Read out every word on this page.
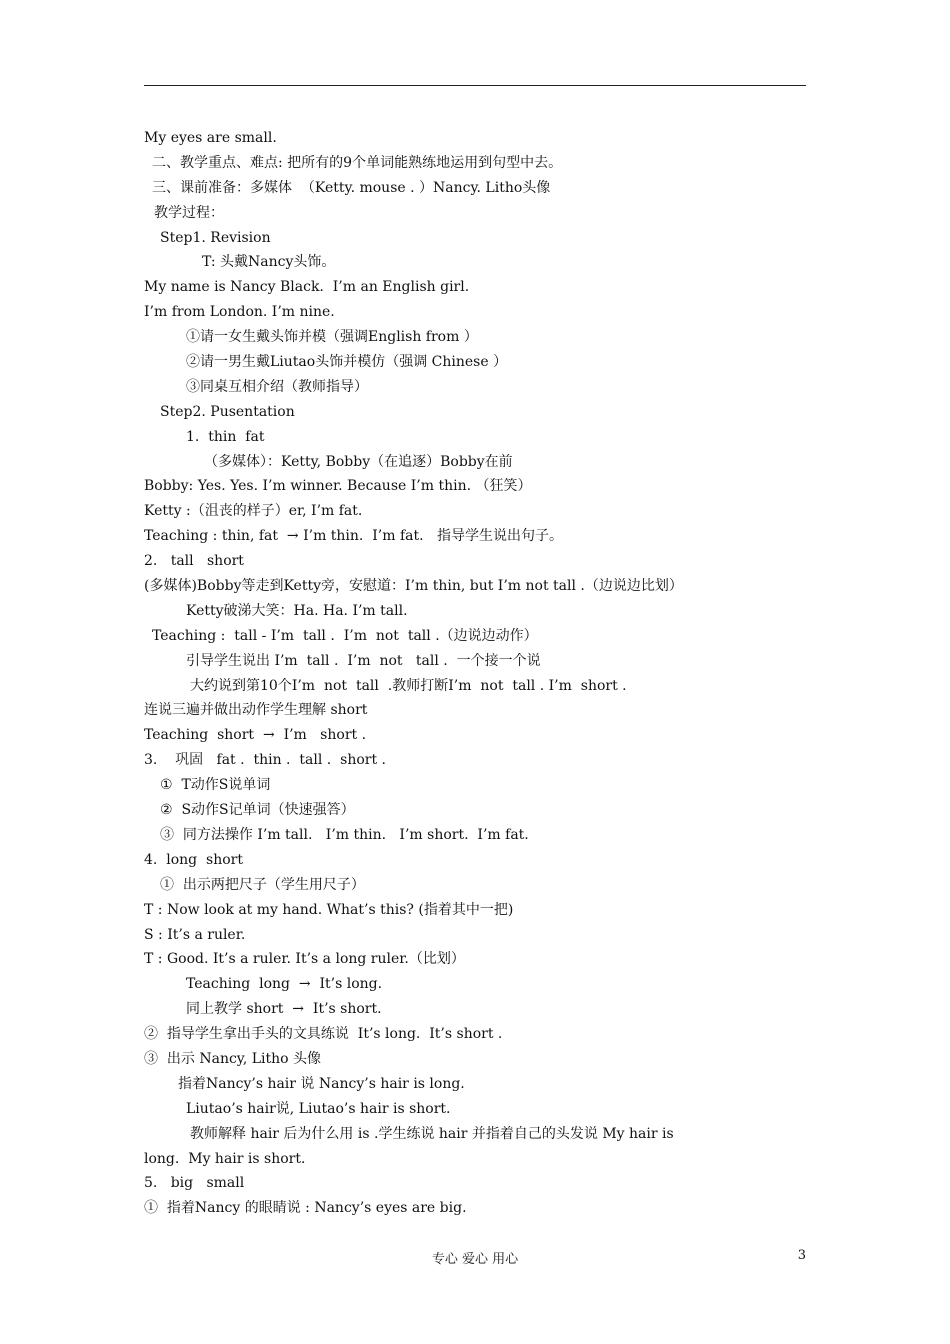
My eyes are small.
二、教学重点、难点: 把所有的9个单词能熟练地运用到句型中去。
三、课前准备：多媒体  （Ketty. mouse . ）Nancy. Litho头像
教学过程：
Step1. Revision
T: 头戴Nancy头饰。
My name is Nancy Black.  I’m an English girl.
I’m from London. I’m nine.
①请一女生戴头饰并模（强调English from ）
②请一男生戴Liutao头饰并模仿（强调 Chinese ）
③同桌互相介绍（教师指导）
Step2. Pusentation
1.  thin  fat
（多媒体）：Ketty, Bobby（在追逐）Bobby在前
Bobby: Yes. Yes. I’m winner. Because I’m thin. （狂笑）
Ketty :（沮丧的样子）er, I’m fat.
Teaching : thin, fat  → I’m thin.  I’m fat.   指导学生说出句子。
2.   tall   short
(多媒体)Bobby等走到Ketty旁，安慰道：I’m thin, but I’m not tall .（边说边比划）
Ketty破涕大笑：Ha. Ha. I’m tall.
Teaching :  tall - I’m  tall .  I’m  not  tall .（边说边动作）
引导学生说出 I’m  tall .  I’m  not   tall .  一个接一个说
大约说到第10个I’m  not  tall  .教师打断I’m  not  tall . I’m  short .
连说三遍并做出动作学生理解 short
Teaching  short  →  I’m   short .
3.    巩固   fat .  thin .  tall .  short .
①  T动作S说单词
②  S动作S记单词（快速强答）
③  同方法操作 I’m tall.   I’m thin.   I’m short.  I’m fat.
4.  long  short
①  出示两把尺子（学生用尺子）
T : Now look at my hand. What’s this? (指着其中一把)
S : It’s a ruler.
T : Good. It’s a ruler. It’s a long ruler.（比划）
Teaching  long  →  It’s long.
同上教学 short  →  It’s short.
②  指导学生拿出手头的文具练说  It’s long.  It’s short .
③  出示 Nancy, Litho 头像
指着Nancy’s hair 说 Nancy’s hair is long.
Liutao’s hair说, Liutao’s hair is short.
教师解释 hair 后为什么用 is .学生练说 hair 并指着自己的头发说 My hair is
long.  My hair is short.
5.   big   small
①  指着Nancy 的眼睛说 : Nancy’s eyes are big.
专心 爱心 用心	3
